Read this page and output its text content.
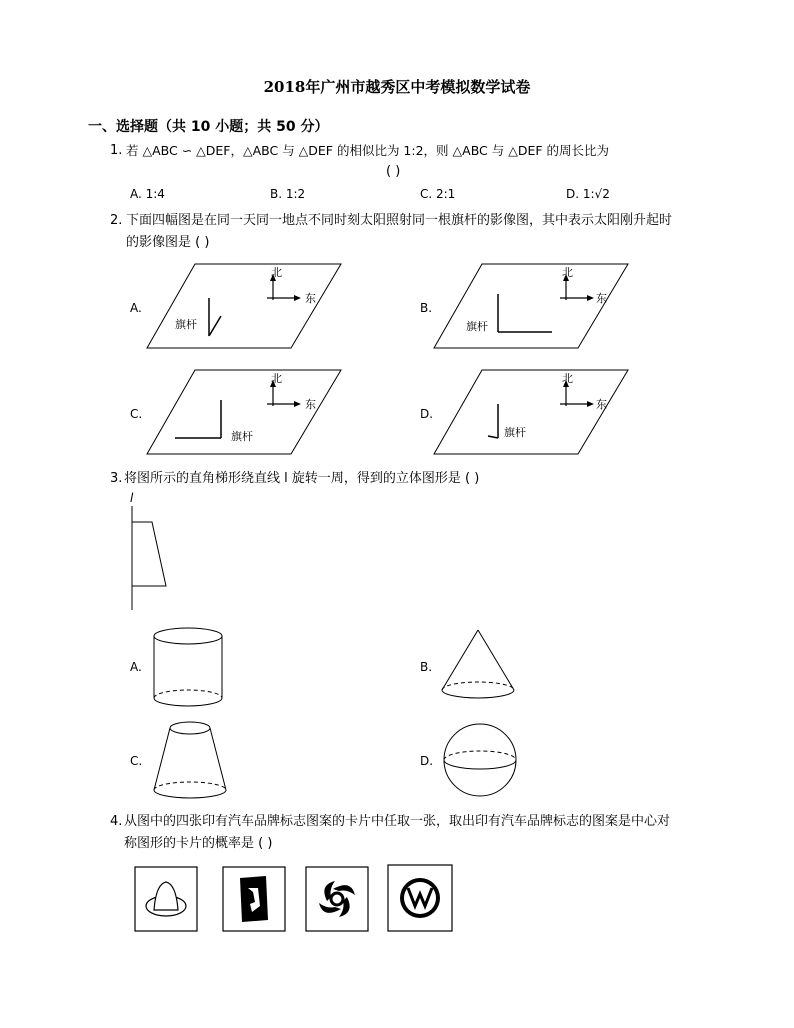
2018年广州市越秀区中考模拟数学试卷
一、选择题（共 10 小题；共 50 分）
1. 若 △ABC ∽ △DEF，△ABC 与 △DEF 的相似比为 1:2，则 △ABC 与 △DEF 的周长比为
( )
A. 1:4	B. 1:2	C. 2:1	D. 1:√2
2. 下面四幅图是在同一天同一地点不同时刻太阳照射同一根旗杆的影像图，其中表示太阳刚升起时
的影像图是 ( )
A.	B.
C.	D.
北
东
旗杆
北
东
旗杆
北
东
旗杆
北
东
旗杆
3. 将图所示的直角梯形绕直线 l 旋转一周，得到的立体图形是 ( )
l
A.	B.
C.	D.
4. 从图中的四张印有汽车品牌标志图案的卡片中任取一张，取出印有汽车品牌标志的图案是中心对
称图形的卡片的概率是 ( )
